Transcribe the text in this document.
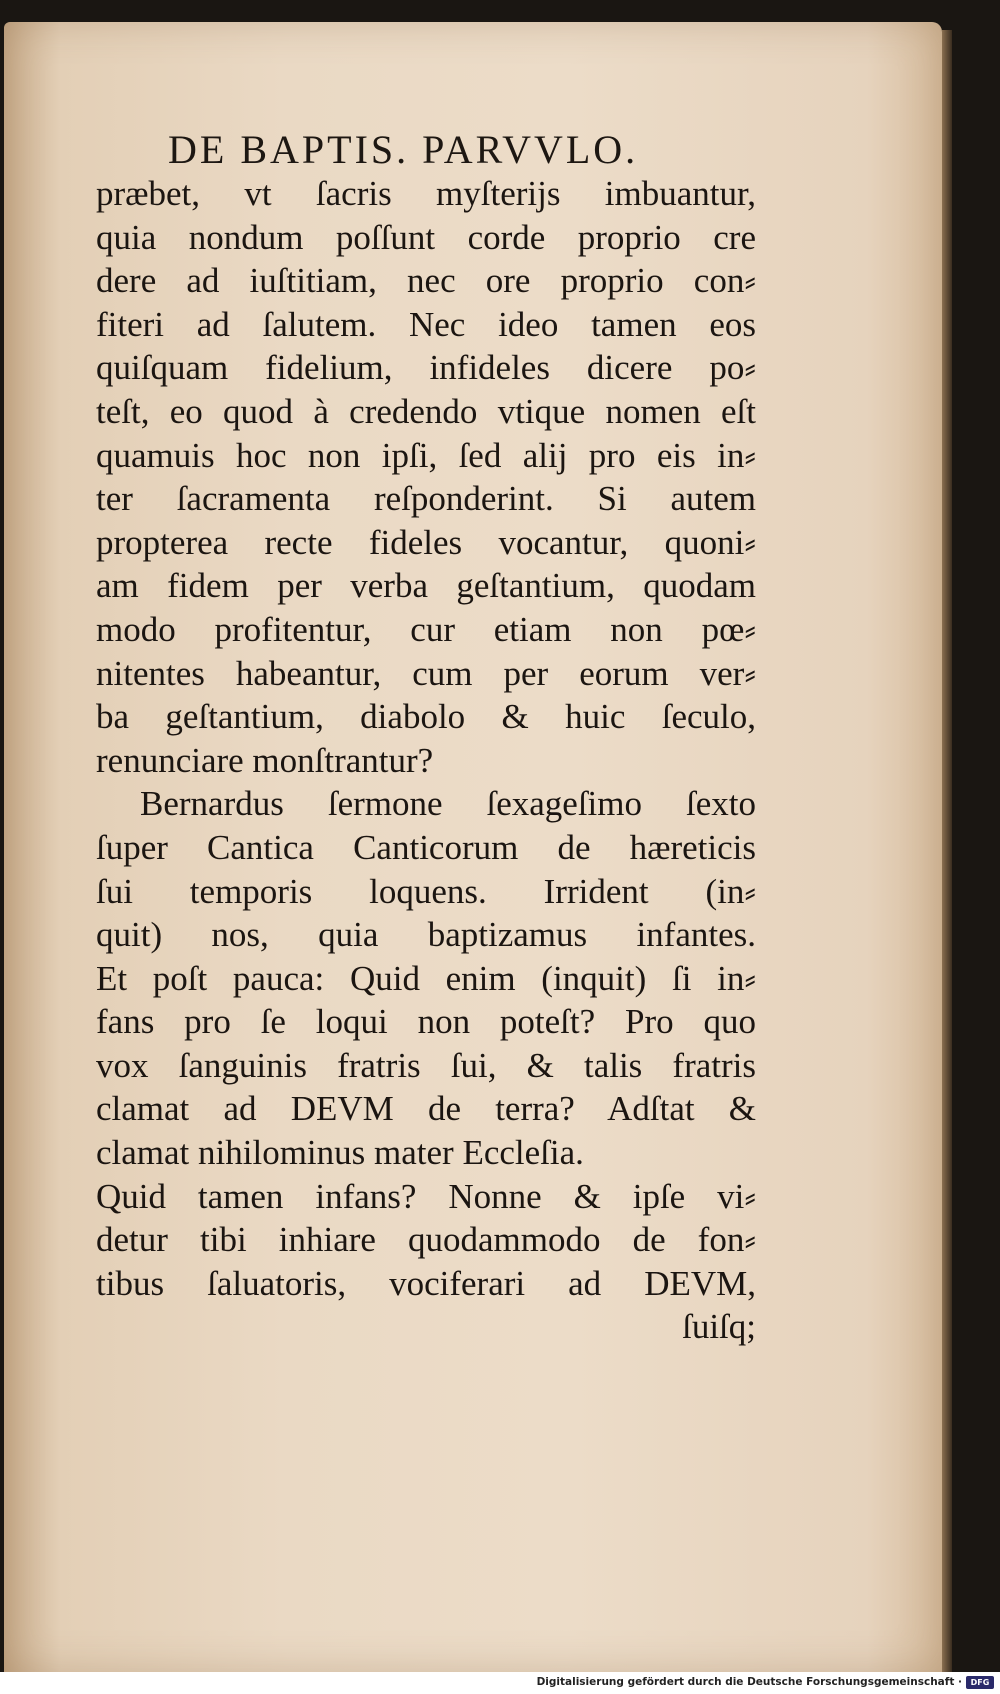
DE BAPTIS. PARVVLO.
præbet, vt ſacris myſterijs imbuantur,
quia nondum poſſunt corde proprio cre
dere ad iuſtitiam, nec ore proprio con⸗
fiteri ad ſalutem. Nec ideo tamen eos
quiſquam fidelium, infideles dicere po⸗
teſt, eo quod à credendo vtique nomen eſt
quamuis hoc non ipſi, ſed alij pro eis in⸗
ter ſacramenta reſponderint. Si autem
propterea recte fideles vocantur, quoni⸗
am fidem per verba geſtantium, quodam
modo profitentur, cur etiam non pœ⸗
nitentes habeantur, cum per eorum ver⸗
ba geſtantium, diabolo & huic ſeculo,
renunciare monſtrantur?
Bernardus ſermone ſexageſimo ſexto
ſuper Cantica Canticorum de hæreticis
ſui temporis loquens. Irrident (in⸗
quit) nos, quia baptizamus infantes.
Et poſt pauca: Quid enim (inquit) ſi in⸗
fans pro ſe loqui non poteſt? Pro quo
vox ſanguinis fratris ſui, & talis fratris
clamat ad DEVM de terra? Adſtat &
clamat nihilominus mater Eccleſia.
Quid tamen infans? Nonne & ipſe vi⸗
detur tibi inhiare quodammodo de fon⸗
tibus ſaluatoris, vociferari ad DEVM,
ſuiſq;
Digitalisierung gefördert durch die Deutsche Forschungsgemeinschaft ·	DFG
